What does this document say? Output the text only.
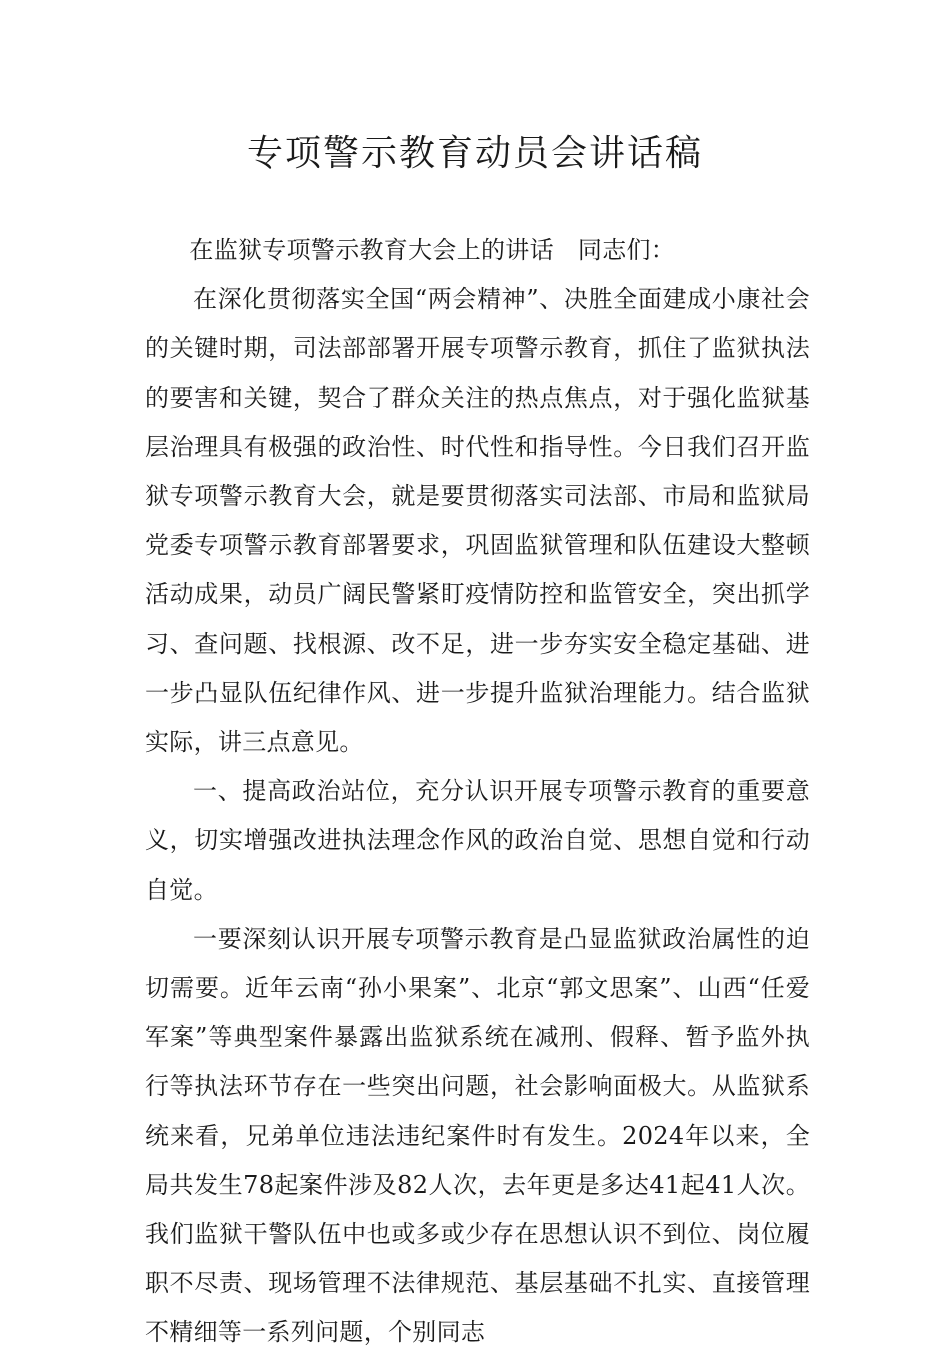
专项警示教育动员会讲话稿

在监狱专项警示教育大会上的讲话 同志们：

在深化贯彻落实全国“两会精神”、决胜全面建成小康社会的关键时期，司法部部署开展专项警示教育，抓住了监狱执法的要害和关键，契合了群众关注的热点焦点，对于强化监狱基层治理具有极强的政治性、时代性和指导性。今日我们召开监狱专项警示教育大会，就是要贯彻落实司法部、市局和监狱局党委专项警示教育部署要求，巩固监狱管理和队伍建设大整顿活动成果，动员广阔民警紧盯疫情防控和监管安全，突出抓学习、查问题、找根源、改不足，进一步夯实安全稳定基础、进一步凸显队伍纪律作风、进一步提升监狱治理能力。结合监狱实际，讲三点意见。

一、提高政治站位，充分认识开展专项警示教育的重要意义，切实增强改进执法理念作风的政治自觉、思想自觉和行动自觉。

一要深刻认识开展专项警示教育是凸显监狱政治属性的迫切需要。近年云南“孙小果案”、北京“郭文思案”、山西“任爱军案”等典型案件暴露出监狱系统在减刑、假释、暂予监外执行等执法环节存在一些突出问题，社会影响面极大。从监狱系统来看，兄弟单位违法违纪案件时有发生。2024年以来，全局共发生78起案件涉及82人次，去年更是多达41起41人次。我们监狱干警队伍中也或多或少存在思想认识不到位、岗位履职不尽责、现场管理不法律规范、基层基础不扎实、直接管理不精细等一系列问题，个别同志
